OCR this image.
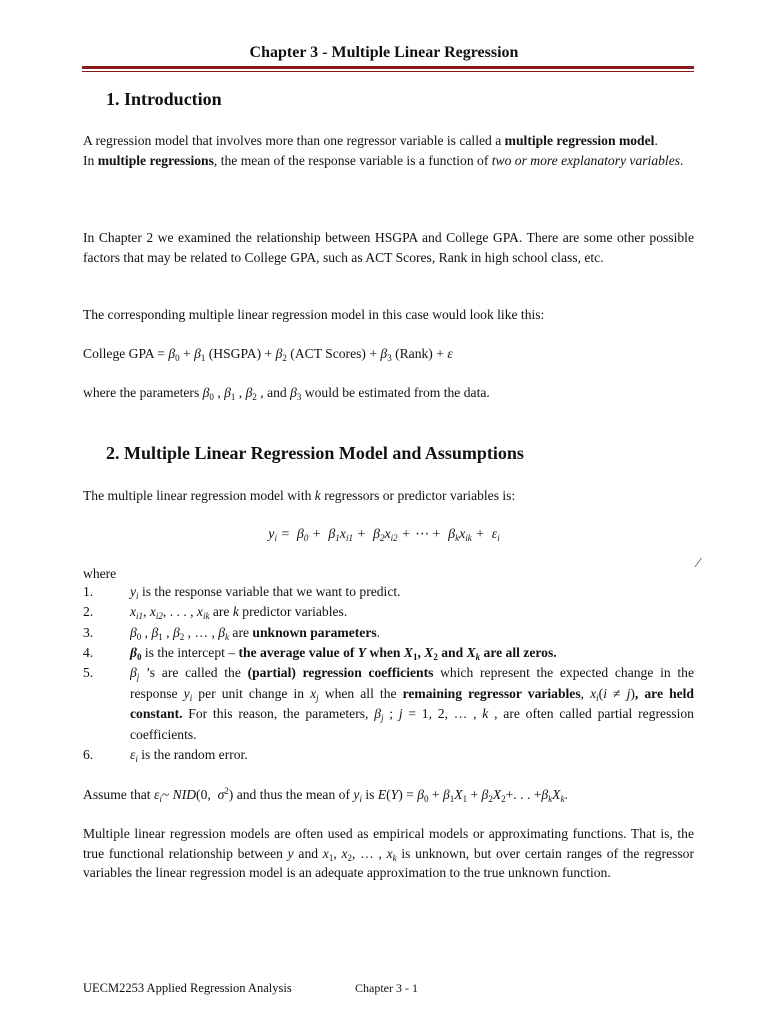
Chapter 3 - Multiple Linear Regression
1. Introduction
A regression model that involves more than one regressor variable is called a multiple regression model.
In multiple regressions, the mean of the response variable is a function of two or more explanatory variables.
In Chapter 2 we examined the relationship between HSGPA and College GPA. There are some other possible factors that may be related to College GPA, such as ACT Scores, Rank in high school class, etc.
The corresponding multiple linear regression model in this case would look like this:
College GPA = $\beta_0 + \beta_1$ (HSGPA) + $\beta_2$ (ACT Scores) + $\beta_3$ (Rank) + ε
where the parameters $\beta_0$ , $\beta_1$ , $\beta_2$ , and $\beta_3$ would be estimated from the data.
2. Multiple Linear Regression Model and Assumptions
The multiple linear regression model with k regressors or predictor variables is:
$y_i = \beta_0 + \beta_1x_{i1} + \beta_2x_{i2}$ + ⋯ +  $\beta_kx_{ik} + \varepsilon_i$
⁄
where
1.	$y_i$ is the response variable that we want to predict.
2.	$x_{i1}$, $x_{i2}$, . . . , $x_{ik}$ are k predictor variables.
3.	$\beta_0$ , $\beta_1$ , $\beta_2$ , … , $\beta_k$ are unknown parameters.
4.	$\beta_0$ is the intercept – the average value of Y when $X_1$, $X_2$ and $X_k$ are all zeros.
5.	$\beta_j$ ’s are called the (partial) regression coefficients which represent the expected change in the response $y_i$ per unit change in $x_j$ when all the remaining regressor variables, $x_i(i \ne j)$, are held constant. For this reason, the parameters, $\beta_j$ ; j = 1, 2, … , k , are often called partial regression coefficients.
6.	$\varepsilon_i$ is the random error.
Assume that $\varepsilon_i\sim$ NID(0,  $\sigma^2$) and thus the mean of $y_i$ is $E(Y) = \beta_0 + \beta_1X_1 + \beta_2X_2+$. . . $+\beta_kX_k$.
Multiple linear regression models are often used as empirical models or approximating functions. That is, the true functional relationship between y and $x_1$, $x_2$, … , $x_k$ is unknown, but over certain ranges of the regressor variables the linear regression model is an adequate approximation to the true unknown function.
UECM2253 Applied Regression Analysis	Chapter 3 - 1
